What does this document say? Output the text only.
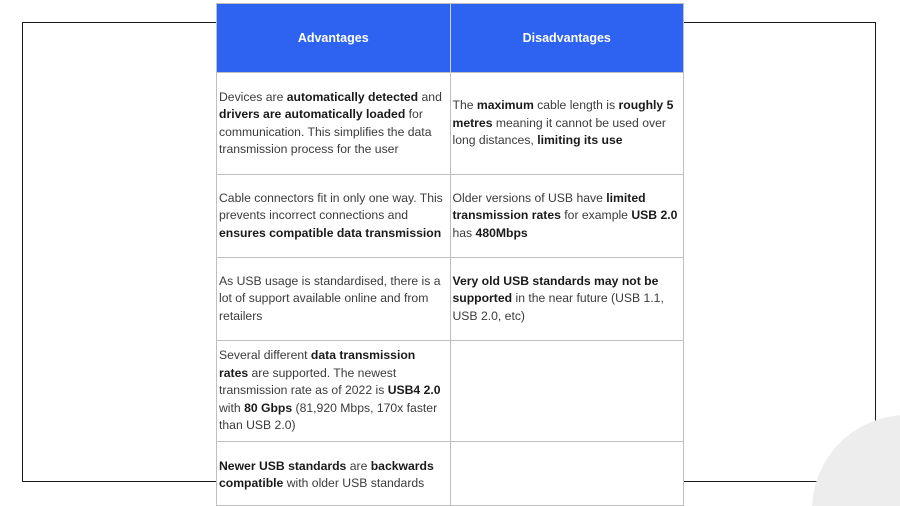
Advantages	Disadvantages
Devices are automatically detected and drivers are automatically loaded for communication. This simplifies the data transmission process for the user	The maximum cable length is roughly 5 metres meaning it cannot be used over long distances, limiting its use
Cable connectors fit in only one way. This prevents incorrect connections and ensures compatible data transmission	Older versions of USB have limited transmission rates for example USB 2.0 has 480Mbps
As USB usage is standardised, there is a lot of support available online and from retailers	Very old USB standards may not be supported in the near future (USB 1.1, USB 2.0, etc)
Several different data transmission rates are supported. The newest transmission rate as of 2022 is USB4 2.0 with 80 Gbps (81,920 Mbps, 170x faster than USB 2.0)	
Newer USB standards are backwards compatible with older USB standards	
